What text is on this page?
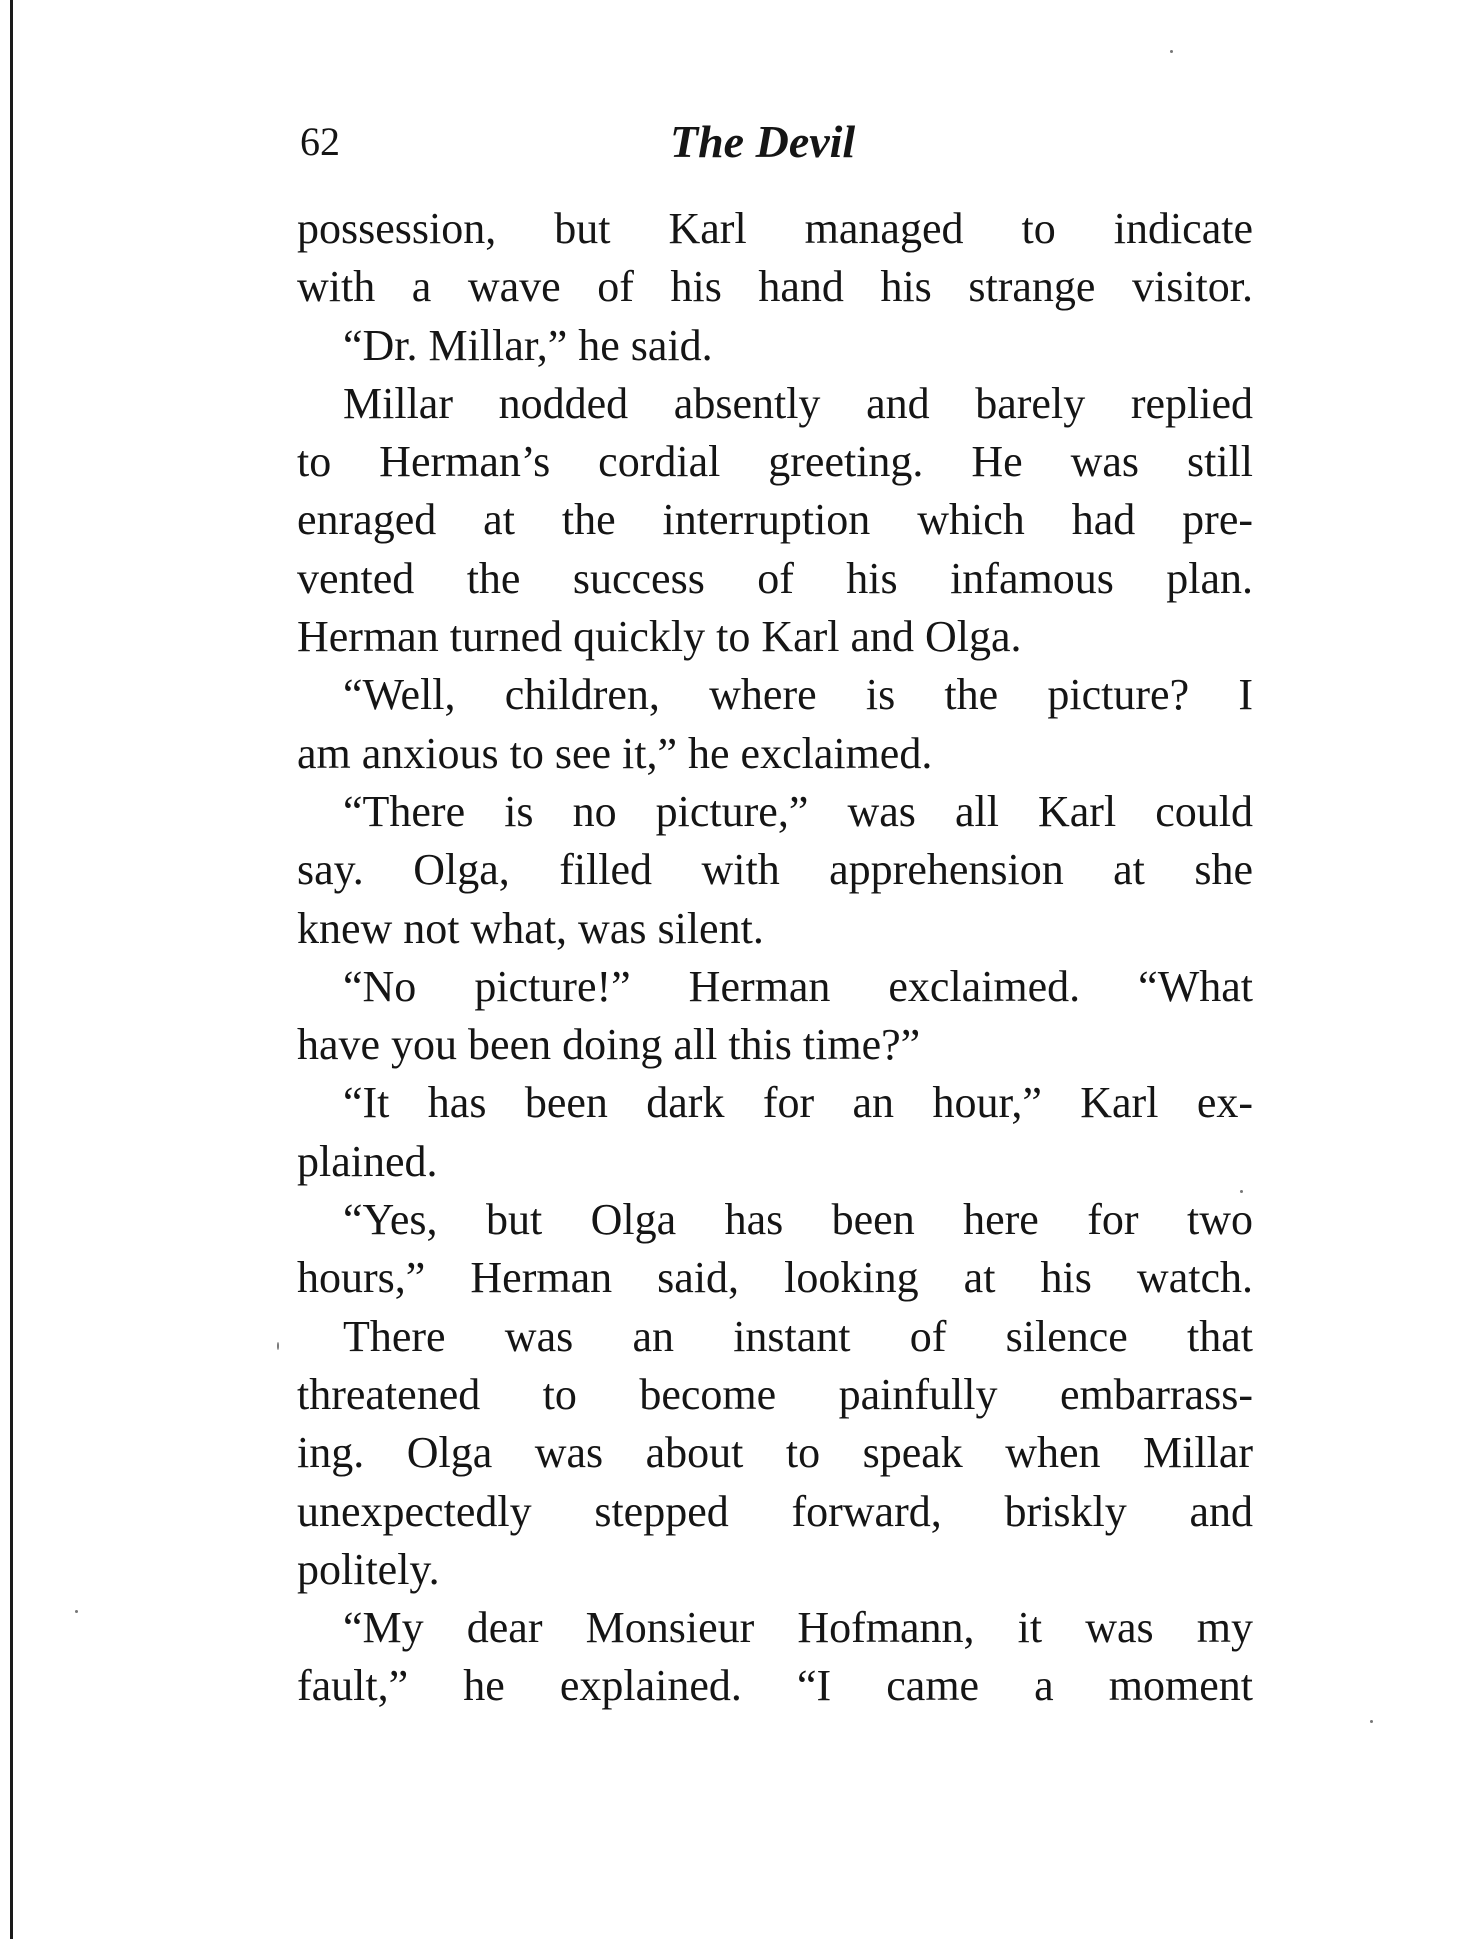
62	The Devil
possession, but Karl managed to indicate
with a wave of his hand his strange visitor.
“Dr. Millar,” he said.
Millar nodded absently and barely replied
to Herman’s cordial greeting. He was still
enraged at the interruption which had pre-
vented the success of his infamous plan.
Herman turned quickly to Karl and Olga.
“Well, children, where is the picture? I
am anxious to see it,” he exclaimed.
“There is no picture,” was all Karl could
say. Olga, filled with apprehension at she
knew not what, was silent.
“No picture!” Herman exclaimed. “What
have you been doing all this time?”
“It has been dark for an hour,” Karl ex-
plained.
“Yes, but Olga has been here for two
hours,” Herman said, looking at his watch.
There was an instant of silence that
threatened to become painfully embarrass-
ing. Olga was about to speak when Millar
unexpectedly stepped forward, briskly and
politely.
“My dear Monsieur Hofmann, it was my
fault,” he explained. “I came a moment
